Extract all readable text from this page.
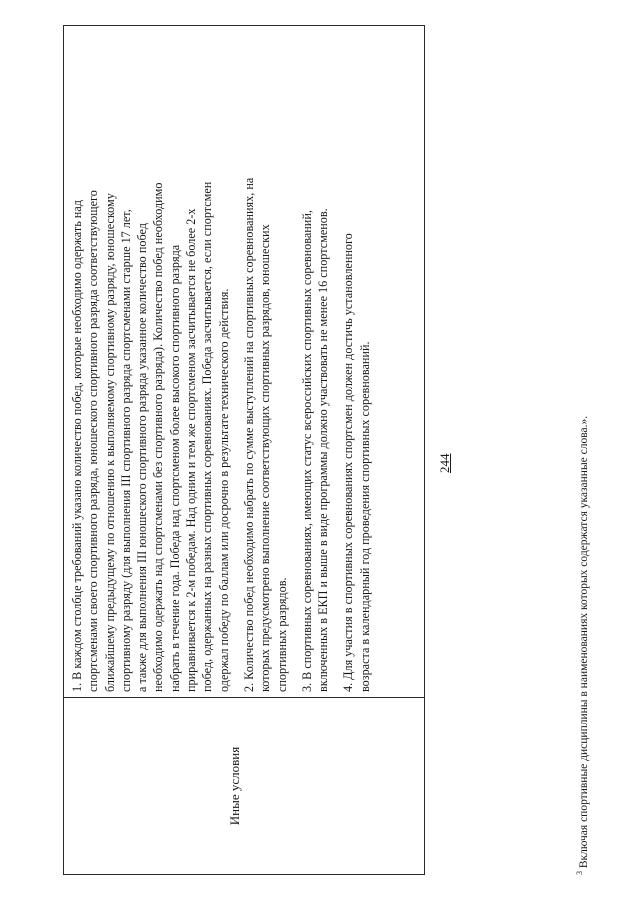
244
Иные условия
1. В каждом столбце требований указано количество побед, которые необходимо одержать над спортсменами своего спортивного разряда, юношеского спортивного разряда соответствующего ближайшему предыдущему по отношению к выполняемому спортивному разряду, юношескому спортивному разряду (для выполнения III спортивного разряда спортсменами старше 17 лет, а также для выполнения III юношеского спортивного разряда указанное количество побед необходимо одержать над спортсменами без спортивного разряда). Количество побед необходимо набрать в течение года. Победа над спортсменом более высокого спортивного разряда приравнивается к 2-м победам. Над одним и тем же спортсменом засчитывается не более 2-х побед, одержанных на разных спортивных соревнованиях. Победа засчитывается, если спортсмен одержал победу по баллам или досрочно в результате технического действия. 2. Количество побед необходимо набрать по сумме выступлений на спортивных соревнованиях, на которых предусмотрено выполнение соответствующих спортивных разрядов, юношеских спортивных разрядов. 3. В спортивных соревнованиях, имеющих статус всероссийских спортивных соревнований, включенных в ЕКП и выше в виде программы должно участвовать не менее 16 спортсменов. 4. Для участия в спортивных соревнованиях спортсмен должен достичь установленного возраста в календарный год проведения спортивных соревнований.
$^3$ Включая спортивные дисциплины в наименованиях которых содержатся указанные слова.».
